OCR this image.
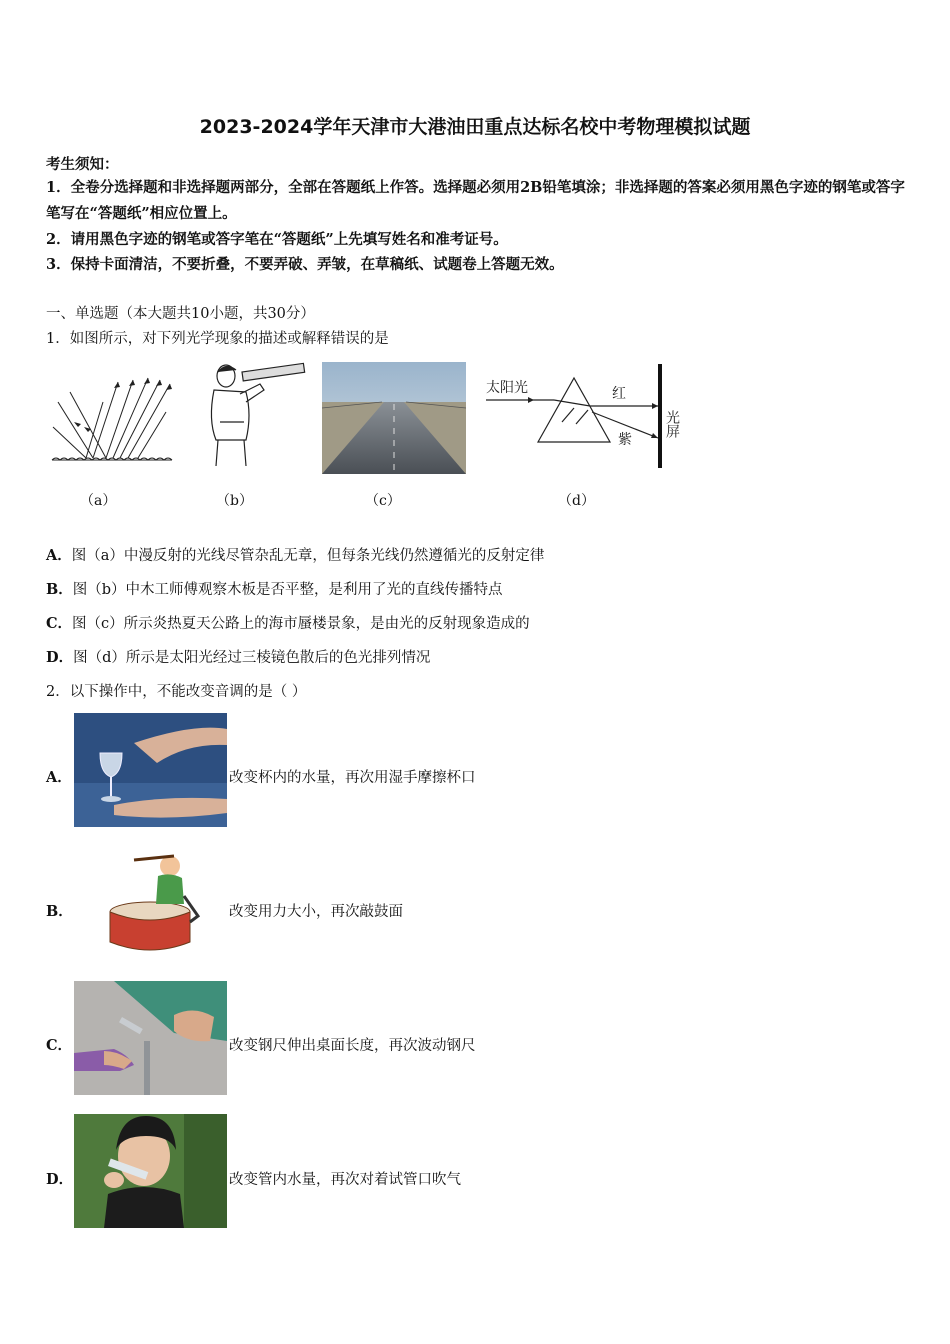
2023-2024学年天津市大港油田重点达标名校中考物理模拟试题
考生须知：
1．全卷分选择题和非选择题两部分，全部在答题纸上作答。选择题必须用2B铅笔填涂；非选择题的答案必须用黑色字迹的钢笔或答字笔写在“答题纸”相应位置上。
2．请用黑色字迹的钢笔或答字笔在“答题纸”上先填写姓名和准考证号。
3．保持卡面清洁，不要折叠，不要弄破、弄皱，在草稿纸、试题卷上答题无效。
一、单选题（本大题共10小题，共30分）
1．如图所示，对下列光学现象的描述或解释错误的是
太阳光	红
紫
光屏
（a）	（b）	（c）	（d）
A．图（a）中漫反射的光线尽管杂乱无章，但每条光线仍然遵循光的反射定律
B．图（b）中木工师傅观察木板是否平整，是利用了光的直线传播特点
C．图（c）所示炎热夏天公路上的海市蜃楼景象，是由光的反射现象造成的
D．图（d）所示是太阳光经过三棱镜色散后的色光排列情况
2．以下操作中，不能改变音调的是（ ）
A．	改变杯内的水量，再次用湿手摩擦杯口
B．	改变用力大小，再次敲鼓面
C．	改变钢尺伸出桌面长度，再次波动钢尺
D．	改变管内水量，再次对着试管口吹气
